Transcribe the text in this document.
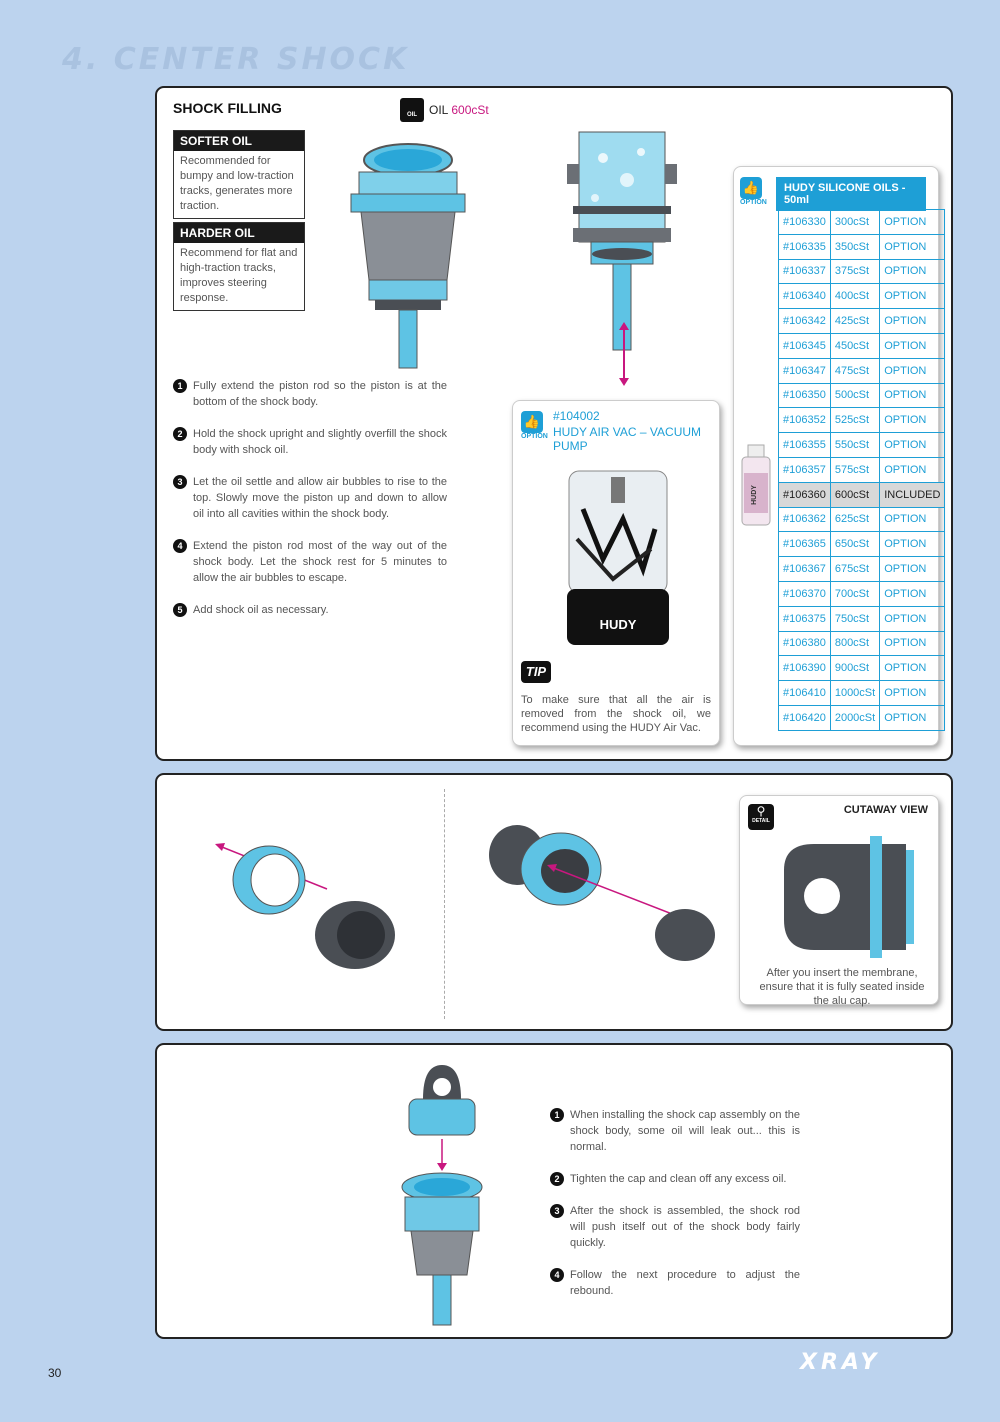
4. CENTER SHOCK
SHOCK FILLING
SOFTER OIL
Recommended for bumpy and low-traction tracks, generates more traction.
HARDER OIL
Recommend for flat and high-traction tracks, improves steering response.
OIL	OIL 600cSt
1 Fully extend the piston rod so the piston is at the bottom of the shock body.
2 Hold the shock upright and slightly overfill the shock body with shock oil.
3 Let the oil settle and allow air bubbles to rise to the top. Slowly move the piston up and down to allow oil into all cavities within the shock body.
4 Extend the piston rod most of the way out of the shock body. Let the shock rest for 5 minutes to allow the air bubbles to escape.
5 Add shock oil as necessary.
👍
OPTION
#104002
HUDY AIR VAC – VACUUM PUMP
HUDY
TIP
To make sure that all the air is removed from the shock oil, we recommend using the HUDY Air Vac.
👍
OPTION
HUDY SILICONE OILS - 50ml
HUDY
#106330	300cSt	OPTION
#106335	350cSt	OPTION
#106337	375cSt	OPTION
#106340	400cSt	OPTION
#106342	425cSt	OPTION
#106345	450cSt	OPTION
#106347	475cSt	OPTION
#106350	500cSt	OPTION
#106352	525cSt	OPTION
#106355	550cSt	OPTION
#106357	575cSt	OPTION
#106360	600cSt	INCLUDED
#106362	625cSt	OPTION
#106365	650cSt	OPTION
#106367	675cSt	OPTION
#106370	700cSt	OPTION
#106375	750cSt	OPTION
#106380	800cSt	OPTION
#106390	900cSt	OPTION
#106410	1000cSt	OPTION
#106420	2000cSt	OPTION
⚲
DETAIL
CUTAWAY VIEW
After you insert the membrane, ensure that it is fully seated inside the alu cap.
1 When installing the shock cap assembly on the shock body, some oil will leak out... this is normal.
2 Tighten the cap and clean off any excess oil.
3 After the shock is assembled, the shock rod will push itself out of the shock body fairly quickly.
4 Follow the next procedure to adjust the rebound.
30	XRAY
